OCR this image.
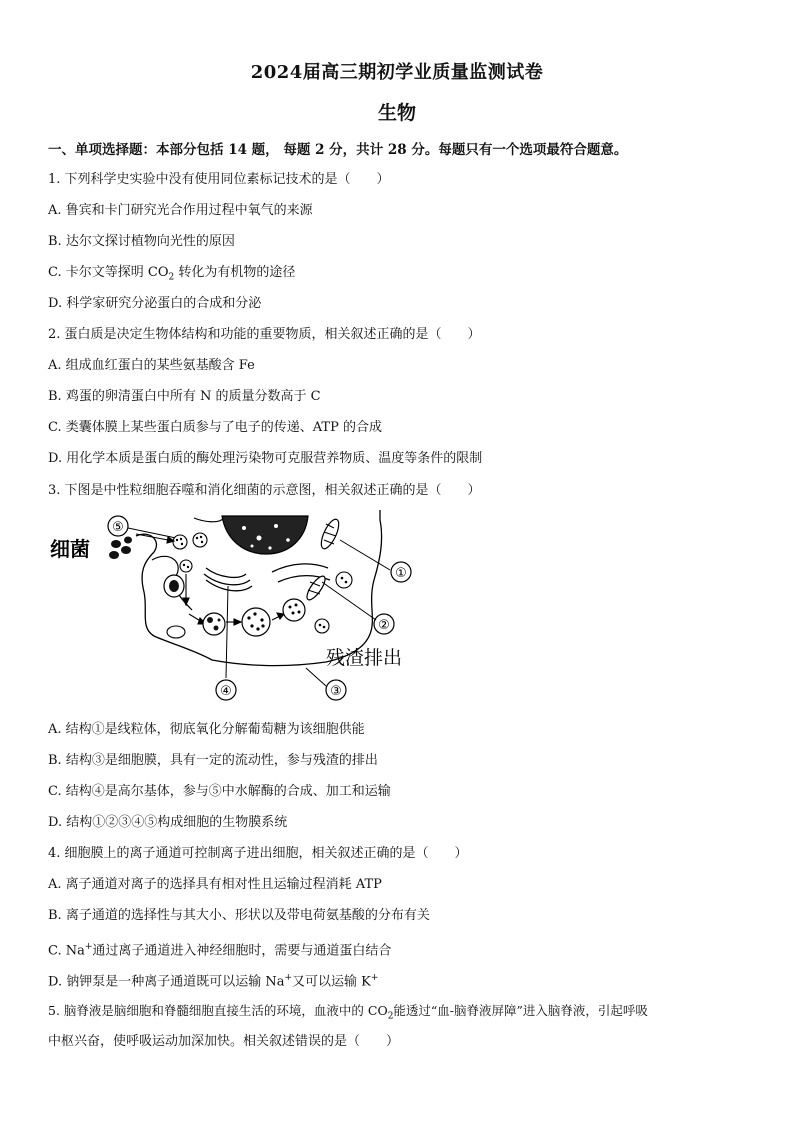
2024届高三期初学业质量监测试卷
生物
一、单项选择题：本部分包括 14 题， 每题 2 分，共计 28 分。每题只有一个选项最符合题意。
1. 下列科学史实验中没有使用同位素标记技术的是（　　）
A. 鲁宾和卡门研究光合作用过程中氧气的来源
B. 达尔文探讨植物向光性的原因
C. 卡尔文等探明 $CO_2$ 转化为有机物的途径
D. 科学家研究分泌蛋白的合成和分泌
2. 蛋白质是决定生物体结构和功能的重要物质，相关叙述正确的是（　　）
A. 组成血红蛋白的某些氨基酸含 Fe
B. 鸡蛋的卵清蛋白中所有 N 的质量分数高于 C
C. 类囊体膜上某些蛋白质参与了电子的传递、ATP 的合成
D. 用化学本质是蛋白质的酶处理污染物可克服营养物质、温度等条件的限制
3. 下图是中性粒细胞吞噬和消化细菌的示意图，相关叙述正确的是（　　）
⑤
细菌
①
②
残渣排出
③
④
A. 结构①是线粒体，彻底氧化分解葡萄糖为该细胞供能
B. 结构③是细胞膜，具有一定的流动性，参与残渣的排出
C. 结构④是高尔基体，参与⑤中水解酶的合成、加工和运输
D. 结构①②③④⑤构成细胞的生物膜系统
4. 细胞膜上的离子通道可控制离子进出细胞，相关叙述正确的是（　　）
A. 离子通道对离子的选择具有相对性且运输过程消耗 ATP
B. 离子通道的选择性与其大小、形状以及带电荷氨基酸的分布有关
C. Na+通过离子通道进入神经细胞时，需要与通道蛋白结合
D. 钠钾泵是一种离子通道既可以运输 Na+又可以运输 K+
5. 脑脊液是脑细胞和脊髓细胞直接生活的环境，血液中的 $CO_2$能透过“血-脑脊液屏障”进入脑脊液，引起呼吸
中枢兴奋，使呼吸运动加深加快。相关叙述错误的是（　　）
